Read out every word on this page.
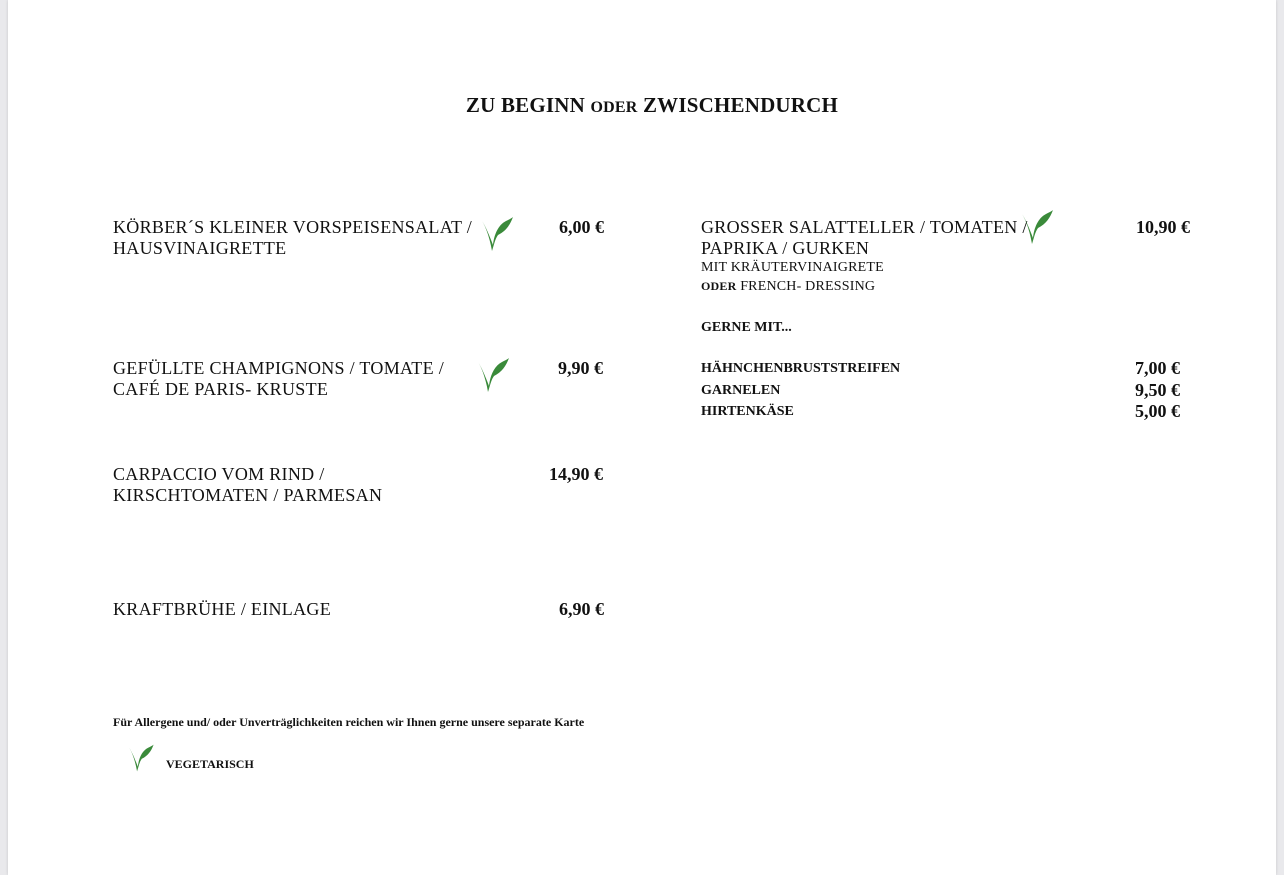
ZU BEGINN ODER ZWISCHENDURCH
KÖRBER´S KLEINER VORSPEISENSALAT /
HAUSVINAIGRETTE
6,00 €
GEFÜLLTE CHAMPIGNONS / TOMATE /
CAFÉ DE PARIS- KRUSTE
9,90 €
CARPACCIO VOM RIND /
KIRSCHTOMATEN / PARMESAN
14,90 €
KRAFTBRÜHE / EINLAGE	6,90 €
GROSSER SALATTELLER / TOMATEN /
PAPRIKA / GURKEN
MIT KRÄUTERVINAIGRETE
ODER FRENCH- DRESSING
10,90 €
GERNE MIT...
HÄHNCHENBRUSTSTREIFEN	7,00 €
GARNELEN	9,50 €
HIRTENKÄSE	5,00 €
Für Allergene und/ oder Unverträglichkeiten reichen wir Ihnen gerne unsere separate Karte
VEGETARISCH
